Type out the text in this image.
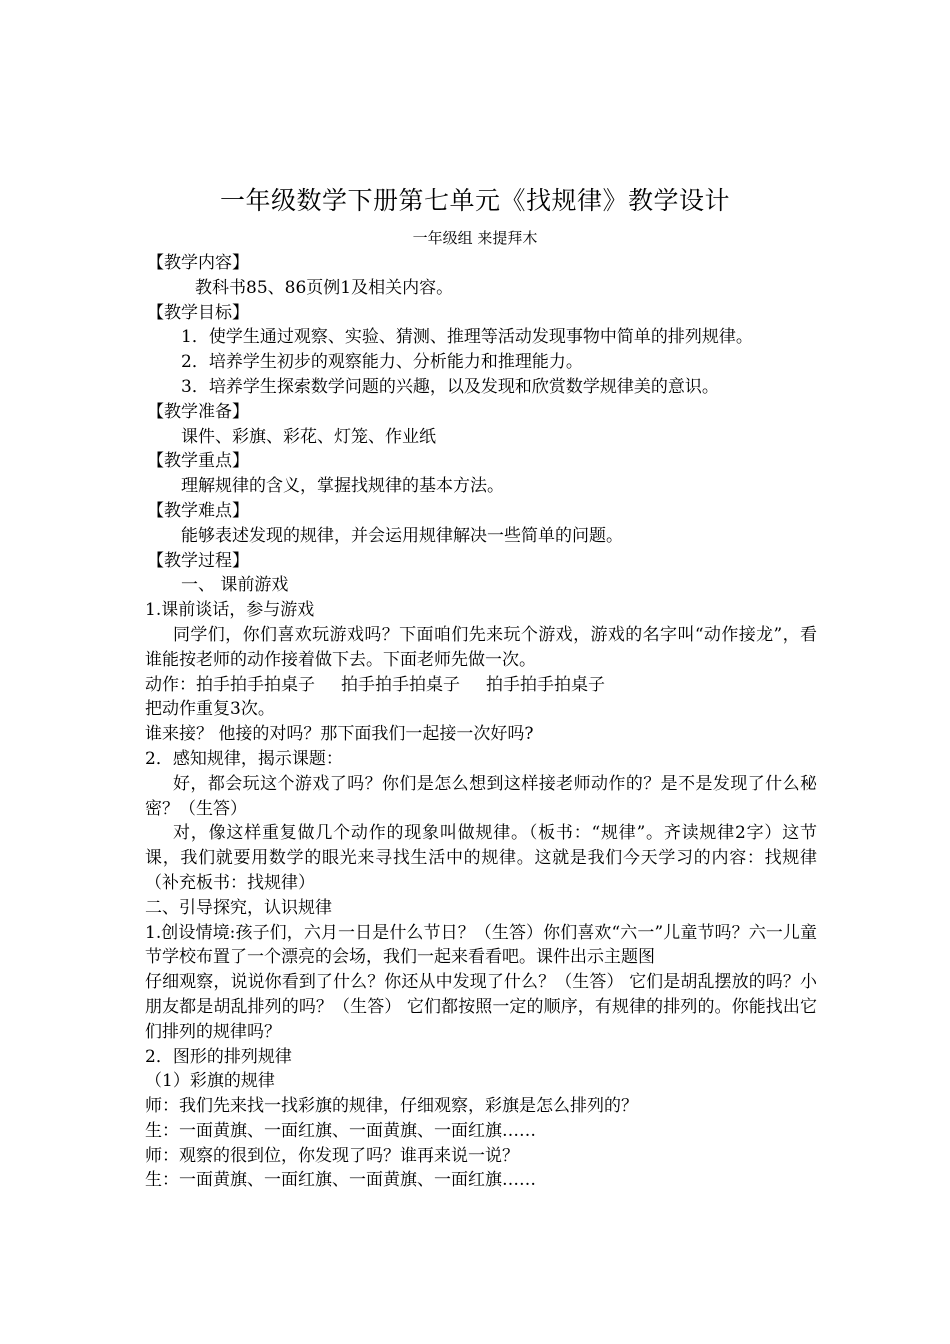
一年级数学下册第七单元《找规律》教学设计
一年级组 来提拜木
【教学内容】
教科书85、86页例1及相关内容。
【教学目标】
1．使学生通过观察、实验、猜测、推理等活动发现事物中简单的排列规律。
2．培养学生初步的观察能力、分析能力和推理能力。
3．培养学生探索数学问题的兴趣，以及发现和欣赏数学规律美的意识。
【教学准备】
课件、彩旗、彩花、灯笼、作业纸
【教学重点】
理解规律的含义，掌握找规律的基本方法。
【教学难点】
能够表述发现的规律，并会运用规律解决一些简单的问题。
【教学过程】
一、 课前游戏
1.课前谈话，参与游戏
同学们，你们喜欢玩游戏吗？下面咱们先来玩个游戏，游戏的名字叫“动作接龙”，看谁能按老师的动作接着做下去。下面老师先做一次。
动作：拍手拍手拍桌子 拍手拍手拍桌子 拍手拍手拍桌子
把动作重复3次。
谁来接？ 他接的对吗？那下面我们一起接一次好吗?
2．感知规律，揭示课题：
好，都会玩这个游戏了吗？你们是怎么想到这样接老师动作的？是不是发现了什么秘密？（生答）
对，像这样重复做几个动作的现象叫做规律。（板书：“规律”。齐读规律2字）这节课，我们就要用数学的眼光来寻找生活中的规律。这就是我们今天学习的内容：找规律（补充板书：找规律）
二、引导探究，认识规律
1.创设情境:孩子们，六月一日是什么节日？（生答）你们喜欢“六一”儿童节吗？六一儿童节学校布置了一个漂亮的会场，我们一起来看看吧。课件出示主题图
仔细观察，说说你看到了什么？你还从中发现了什么？（生答） 它们是胡乱摆放的吗？小朋友都是胡乱排列的吗？（生答） 它们都按照一定的顺序，有规律的排列的。你能找出它们排列的规律吗？
2．图形的排列规律
（1）彩旗的规律
师：我们先来找一找彩旗的规律，仔细观察，彩旗是怎么排列的？
生：一面黄旗、一面红旗、一面黄旗、一面红旗……
师：观察的很到位，你发现了吗？谁再来说一说？
生：一面黄旗、一面红旗、一面黄旗、一面红旗……
